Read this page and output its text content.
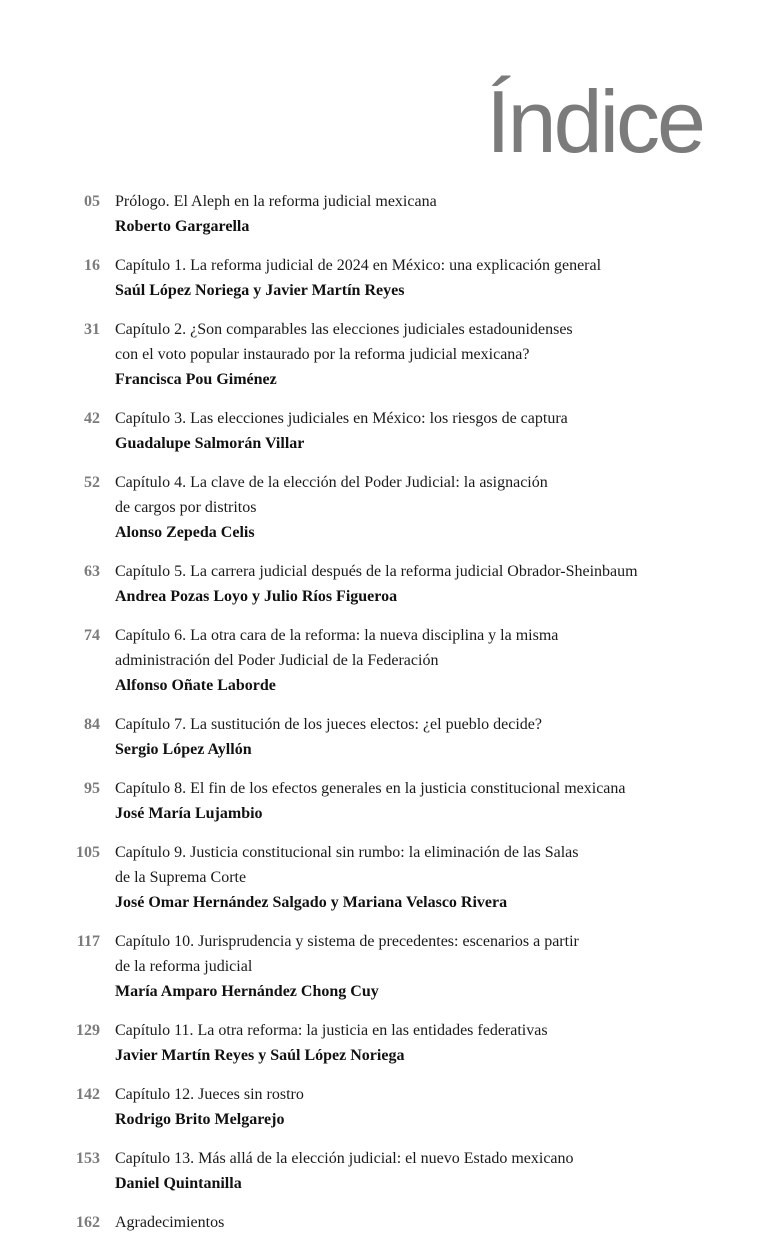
Índice
05 Prólogo. El Aleph en la reforma judicial mexicana
Roberto Gargarella
16 Capítulo 1. La reforma judicial de 2024 en México: una explicación general
Saúl López Noriega y Javier Martín Reyes
31 Capítulo 2. ¿Son comparables las elecciones judiciales estadounidenses
con el voto popular instaurado por la reforma judicial mexicana?
Francisca Pou Giménez
42 Capítulo 3. Las elecciones judiciales en México: los riesgos de captura
Guadalupe Salmorán Villar
52 Capítulo 4. La clave de la elección del Poder Judicial: la asignación
de cargos por distritos
Alonso Zepeda Celis
63 Capítulo 5. La carrera judicial después de la reforma judicial Obrador-Sheinbaum
Andrea Pozas Loyo y Julio Ríos Figueroa
74 Capítulo 6. La otra cara de la reforma: la nueva disciplina y la misma
administración del Poder Judicial de la Federación
Alfonso Oñate Laborde
84 Capítulo 7. La sustitución de los jueces electos: ¿el pueblo decide?
Sergio López Ayllón
95 Capítulo 8. El fin de los efectos generales en la justicia constitucional mexicana
José María Lujambio
105 Capítulo 9. Justicia constitucional sin rumbo: la eliminación de las Salas
de la Suprema Corte
José Omar Hernández Salgado y Mariana Velasco Rivera
117 Capítulo 10. Jurisprudencia y sistema de precedentes: escenarios a partir
de la reforma judicial
María Amparo Hernández Chong Cuy
129 Capítulo 11. La otra reforma: la justicia en las entidades federativas
Javier Martín Reyes y Saúl López Noriega
142 Capítulo 12. Jueces sin rostro
Rodrigo Brito Melgarejo
153 Capítulo 13. Más allá de la elección judicial: el nuevo Estado mexicano
Daniel Quintanilla
162 Agradecimientos
